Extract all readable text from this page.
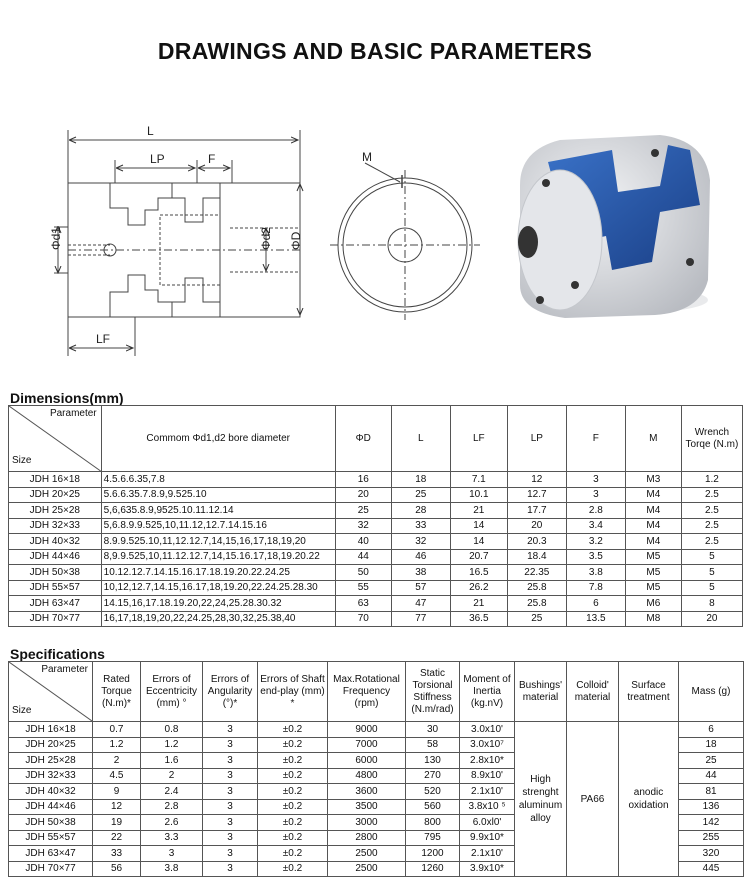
DRAWINGS AND BASIC PARAMETERS
L
LP	F
LF
Φd1	Φd2 ΦD
M
Dimensions(mm)
Parameter
Size	Commom Φd1,d2 bore diameter	ΦD	L	LF	LP	F	M	Wrench Torqe (N.m)
JDH 16×18	4.5.6.6.35,7.8	16	18	7.1	12	3	M3	1.2
JDH 20×25	5.6.6.35.7.8.9,9.525.10	20	25	10.1	12.7	3	M4	2.5
JDH 25×28	5,6,635.8.9,9525.10.11.12.14	25	28	21	17.7	2.8	M4	2.5
JDH 32×33	5,6.8.9.9.525,10,11.12,12.7.14.15.16	32	33	14	20	3.4	M4	2.5
JDH 40×32	8.9.9.525.10,11,12.12.7,14,15,16,17,18,19,20	40	32	14	20.3	3.2	M4	2.5
JDH 44×46	8,9.9.525,10,11.12.12.7,14,15.16.17,18,19.20.22	44	46	20.7	18.4	3.5	M5	5
JDH 50×38	10.12.12.7.14.15.16.17.18.19.20.22.24.25	50	38	16.5	22.35	3.8	M5	5
JDH 55×57	10,12,12.7,14.15,16.17,18,19.20,22.24.25.28.30	55	57	26.2	25.8	7.8	M5	5
JDH 63×47	14.15,16,17.18.19.20,22,24,25.28.30.32	63	47	21	25.8	6	M6	8
JDH 70×77	16,17,18,19,20,22,24.25,28,30,32,25.38,40	70	77	36.5	25	13.5	M8	20
Specifications
Parameter
Size	Rated Torque (N.m)*	Errors of Eccentricity (mm) °	Errors of Angularity (°)*	Errors of Shaft end-play (mm) *	Max.Rotational Frequency (rpm)	Static Torsional Stiffness (N.m/rad)	Moment of Inertia (kg.nV)	Bushings' material	Colloid' material	Surface treatment	Mass (g)
JDH 16×18	0.7	0.8	3	±0.2	9000	30	3.0x10'	High strenght aluminum alloy	PA66	anodic oxidation	6
JDH 20×25	1.2	1.2	3	±0.2	7000	58	3.0x10⁷				18
JDH 25×28	2	1.6	3	±0.2	6000	130	2.8x10*				25
JDH 32×33	4.5	2	3	±0.2	4800	270	8.9x10'				44
JDH 40×32	9	2.4	3	±0.2	3600	520	2.1x10'				81
JDH 44×46	12	2.8	3	±0.2	3500	560	3.8x10 ⁵				136
JDH 50×38	19	2.6	3	±0.2	3000	800	6.0xl0'				142
JDH 55×57	22	3.3	3	±0.2	2800	795	9.9x10*				255
JDH 63×47	33	3	3	±0.2	2500	1200	2.1x10'				320
JDH 70×77	56	3.8	3	±0.2	2500	1260	3.9x10*				445
